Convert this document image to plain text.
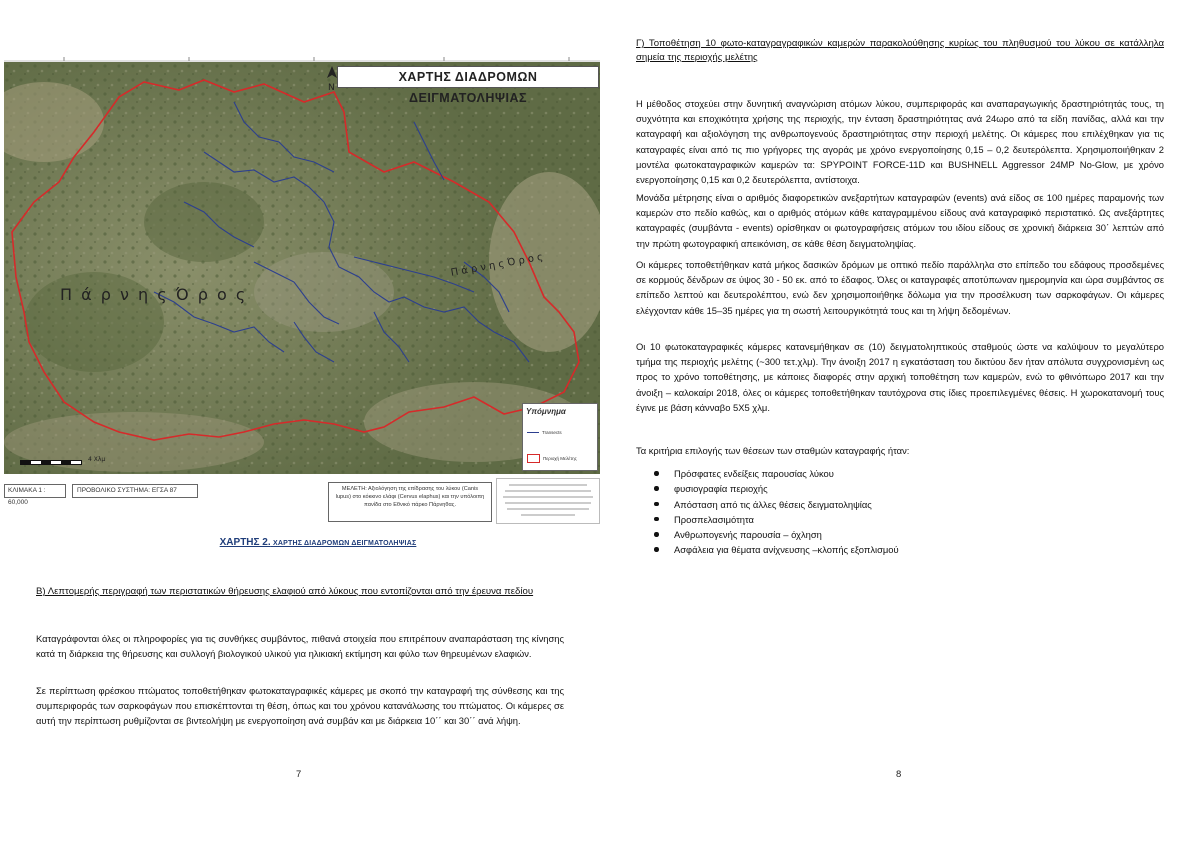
ΧΑΡΤΗΣ ΔΙΑΔΡΟΜΩΝ ΔΕΙΓΜΑΤΟΛΗΨΙΑΣ
N
Π ά ρ ν η ς Ό ρ ο ς
Π ά ρ ν η ς Ό ρ ο ς
4 Χλμ
Υπόμνημα
Transects
Περιοχή Μελέτης
ΚΛΙΜΑΚΑ 1 : 60,000
ΠΡΟΒΟΛΙΚΟ ΣΥΣΤΗΜΑ: ΕΓΣΑ 87	ΜΕΛΕΤΗ: Αξιολόγηση της επίδρασης του λύκου (Canis lupus) στο κόκκινο ελάφι (Cervus elaphus) και την υπόλοιπη πανίδα στο Εθνικό πάρκο Πάρνηθας.
ΧΑΡΤΗΣ 2. ΧΑΡΤΗΣ ΔΙΑΔΡΟΜΩΝ ΔΕΙΓΜΑΤΟΛΗΨΙΑΣ
Β) Λεπτομερής περιγραφή των περιστατικών θήρευσης ελαφιού από λύκους που εντοπίζονται από την έρευνα πεδίου

Καταγράφονται όλες οι πληροφορίες για τις συνθήκες συμβάντος, πιθανά στοιχεία που επιτρέπουν αναπαράσταση της κίνησης κατά τη διάρκεια της θήρευσης και συλλογή βιολογικού υλικού για ηλικιακή εκτίμηση και φύλο των θηρευμένων ελαφιών.

Σε περίπτωση φρέσκου πτώματος τοποθετήθηκαν φωτοκαταγραφικές κάμερες με σκοπό την καταγραφή της σύνθεσης και της συμπεριφοράς των σαρκοφάγων που επισκέπτονται τη θέση, όπως και του χρόνου κατανάλωσης του πτώματος. Οι κάμερες σε αυτή την περίπτωση ρυθμίζονται σε βιντεολήψη με ενεργοποίηση ανά συμβάν και με διάρκεια 10΄΄ και 30΄΄ ανά λήψη.

7
Γ) Τοποθέτηση 10 φωτο-καταγραγραφικών καμερών παρακολούθησης κυρίως του πληθυσμού του λύκου σε κατάλληλα σημεία της περιοχής μελέτης

Η μέθοδος στοχεύει στην δυνητική αναγνώριση ατόμων λύκου, συμπεριφοράς και αναπαραγωγικής δραστηριότητάς τους, τη συχνότητα και εποχικότητα χρήσης της περιοχής, την ένταση δραστηριότητας ανά 24ωρο από τα είδη πανίδας, αλλά και την καταγραφή και αξιολόγηση της ανθρωπογενούς δραστηριότητας στην περιοχή μελέτης. Οι κάμερες που επιλέχθηκαν για τις καταγραφές είναι από τις πιο γρήγορες της αγοράς με χρόνο ενεργοποίησης 0,15 – 0,2 δευτερόλεπτα. Χρησιμοποιήθηκαν 2 μοντέλα φωτοκαταγραφικών καμερών τα: SPYPOINT FORCE-11D και BUSHNELL Aggressor 24MP No-Glow, με χρόνο ενεργοποίησης 0,15 και 0,2 δευτερόλεπτα, αντίστοιχα.

Μονάδα μέτρησης είναι ο αριθμός διαφορετικών ανεξαρτήτων καταγραφών (events) ανά είδος σε 100 ημέρες παραμονής των καμερών στο πεδίο καθώς, και ο αριθμός ατόμων κάθε καταγραμμένου είδους ανά καταγραφικό περιστατικό. Ως ανεξάρτητες καταγραφές (συμβάντα - events) ορίσθηκαν οι φωτογραφήσεις ατόμων του ιδίου είδους σε χρονική διάρκεια 30΄ λεπτών από την πρώτη φωτογραφική απεικόνιση, σε κάθε θέση δειγματοληψίας.

Οι κάμερες τοποθετήθηκαν κατά μήκος δασικών δρόμων με οπτικό πεδίο παράλληλα στο επίπεδο του εδάφους προσδεμένες σε κορμούς δένδρων σε ύψος 30 - 50 εκ. από το έδαφος. Όλες οι καταγραφές αποτύπωναν ημερομηνία και ώρα συμβάντος σε επίπεδο λεπτού και δευτερολέπτου, ενώ δεν χρησιμοποιήθηκε δόλωμα για την προσέλκυση των σαρκοφάγων. Οι κάμερες ελέγχονταν κάθε 15–35 ημέρες για τη σωστή λειτουργικότητά τους και τη λήψη δεδομένων.

Οι 10 φωτοκαταγραφικές κάμερες κατανεμήθηκαν σε (10) δειγματοληπτικούς σταθμούς ώστε να καλύψουν το μεγαλύτερο τμήμα της περιοχής μελέτης (~300 τετ.χλμ). Την άνοιξη 2017 η εγκατάσταση του δικτύου δεν ήταν απόλυτα συγχρονισμένη ως προς το χρόνο τοποθέτησης, με κάποιες διαφορές στην αρχική τοποθέτηση των καμερών, ενώ το φθινόπωρο 2017 και την άνοιξη – καλοκαίρι 2018, όλες οι κάμερες τοποθετήθηκαν ταυτόχρονα στις ίδιες προεπιλεγμένες θέσεις. Η χωροκατανομή τους έγινε με βάση κάνναβο 5X5 χλμ.

Τα κριτήρια επιλογής των θέσεων των σταθμών καταγραφής ήταν:

Πρόσφατες ενδείξεις παρουσίας λύκου
φυσιογραφία περιοχής
Απόσταση από τις άλλες θέσεις δειγματοληψίας
Προσπελασιμότητα
Ανθρωπογενής παρουσία – όχληση
Ασφάλεια για θέματα ανίχνευσης –κλοπής εξοπλισμού
8
